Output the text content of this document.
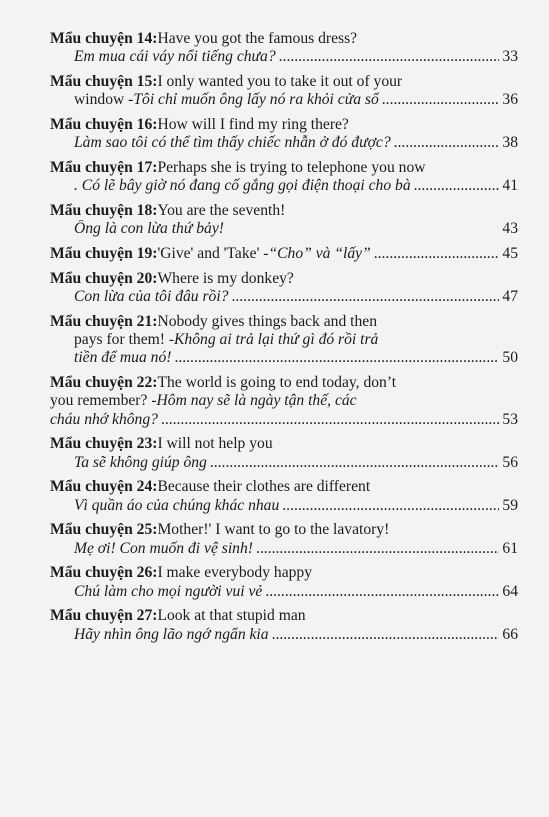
Mẩu chuyện 14: Have you got the famous dress?
Em mua cái váy nổi tiếng chưa? .....	33
Mẩu chuyện 15: I only wanted you to take it out of your
window - Tôi chỉ muốn ông lấy nó ra khỏi cửa sổ .....	36
Mẩu chuyện 16: How will I find my ring there?
Làm sao tôi có thể tìm thấy chiếc nhẫn ở đó được? .....	38
Mẩu chuyện 17: Perhaps she is trying to telephone you now
. Có lẽ bây giờ nó đang cố gắng gọi điện thoại cho bà .....	41
Mẩu chuyện 18: You are the seventh!
Ông là con lừa thứ bảy!	43
Mẩu chuyện 19: 'Give' and 'Take' - “Cho” và “lấy” .....	45
Mẩu chuyện 20: Where is my donkey?
Con lừa của tôi đâu rồi? .....	47
Mẩu chuyện 21: Nobody gives things back and then
pays for them! - Không ai trả lại thứ gì đó rồi trả
tiền để mua nó! .....	50
Mẩu chuyện 22: The world is going to end today, don’t
you remember? - Hôm nay sẽ là ngày tận thế, các
cháu nhớ không? .....	53
Mẩu chuyện 23: I will not help you
Ta sẽ không giúp ông .....	56
Mẩu chuyện 24: Because their clothes are different
Vì quần áo của chúng khác nhau .....	59
Mẩu chuyện 25: Mother!' I want to go to the lavatory!
Mẹ ơi! Con muốn đi vệ sinh! .....	61
Mẩu chuyện 26: I make everybody happy
Chú làm cho mọi người vui vẻ .....	64
Mẩu chuyện 27: Look at that stupid man
Hãy nhìn ông lão ngớ ngẩn kia .....	66
